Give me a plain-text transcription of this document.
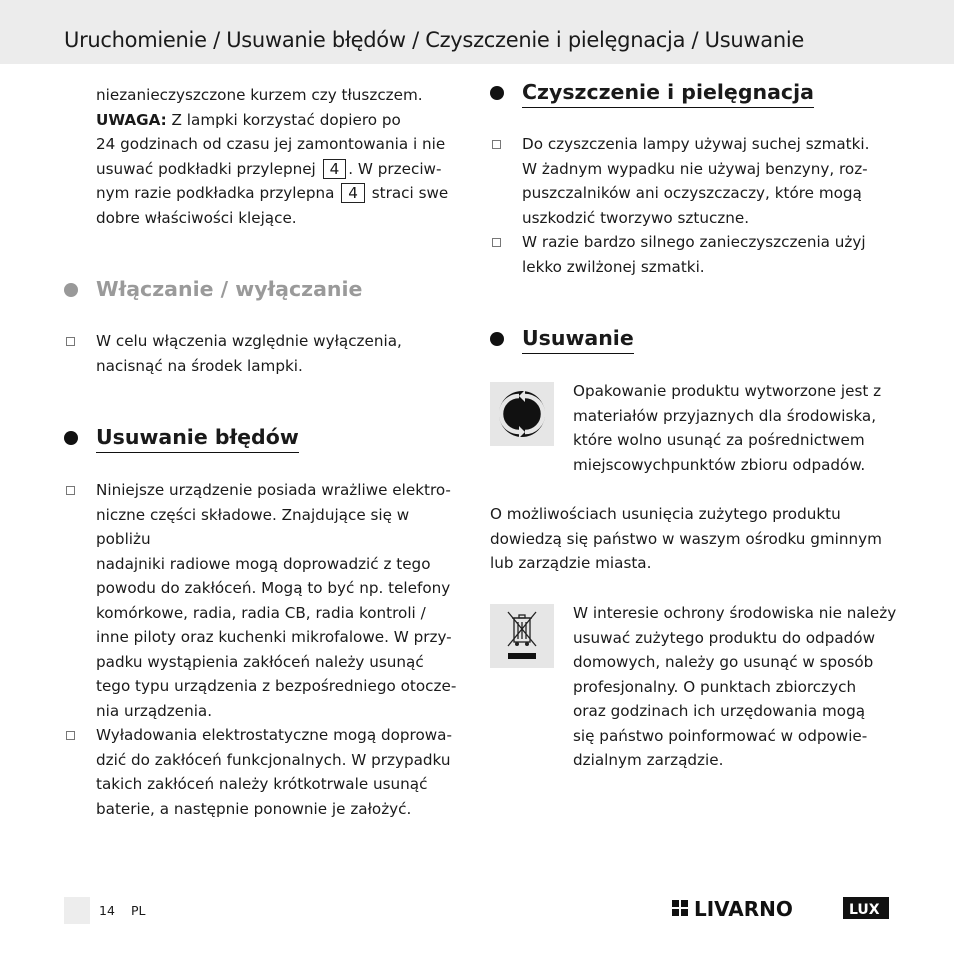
Uruchomienie / Usuwanie błędów / Czyszczenie i pielęgnacja / Usuwanie

niezanieczyszczone kurzem czy tłuszczem.

UWAGA: Z lampki korzystać dopiero po

24 godzinach od czasu jej zamontowania i nie

usuwać podkładki przylepnej 4 . W przeciw-

nym razie podkładka przylepna 4 straci swe

dobre właściwości klejące.

Włączanie / wyłączanie

W celu włączenia względnie wyłączenia,

nacisnąć na środek lampki.

Usuwanie błędów

Niniejsze urządzenie posiada wrażliwe elektro-

niczne części składowe. Znajdujące się w pobliżu

nadajniki radiowe mogą doprowadzić z tego

powodu do zakłóceń. Mogą to być np. telefony

komórkowe, radia, radia CB, radia kontroli /

inne piloty oraz kuchenki mikrofalowe. W przy-

padku wystąpienia zakłóceń należy usunąć

tego typu urządzenia z bezpośredniego otocze-

nia urządzenia.

Wyładowania elektrostatyczne mogą doprowa-

dzić do zakłóceń funkcjonalnych. W przypadku

takich zakłóceń należy krótkotrwale usunąć

baterie, a następnie ponownie je założyć.

Czyszczenie i pielęgnacja

Do czyszczenia lampy używaj suchej szmatki.

W żadnym wypadku nie używaj benzyny, roz-

puszczalników ani oczyszczaczy, które mogą

uszkodzić tworzywo sztuczne.

W razie bardzo silnego zanieczyszczenia użyj

lekko zwilżonej szmatki.

Usuwanie

Opakowanie produktu wytworzone jest z

materiałów przyjaznych dla środowiska,

które wolno usunąć za pośrednictwem

miejscowychpunktów zbioru odpadów.

O możliwościach usunięcia zużytego produktu

dowiedzą się państwo w waszym ośrodku gminnym

lub zarządzie miasta.

W interesie ochrony środowiska nie należy

usuwać zużytego produktu do odpadów

domowych, należy go usunąć w sposób

profesjonalny. O punktach zbiorczych

oraz godzinach ich urzędowania mogą

się państwo poinformować w odpowie-

dzialnym zarządzie.

14 PL	LIVARNO	LUX
